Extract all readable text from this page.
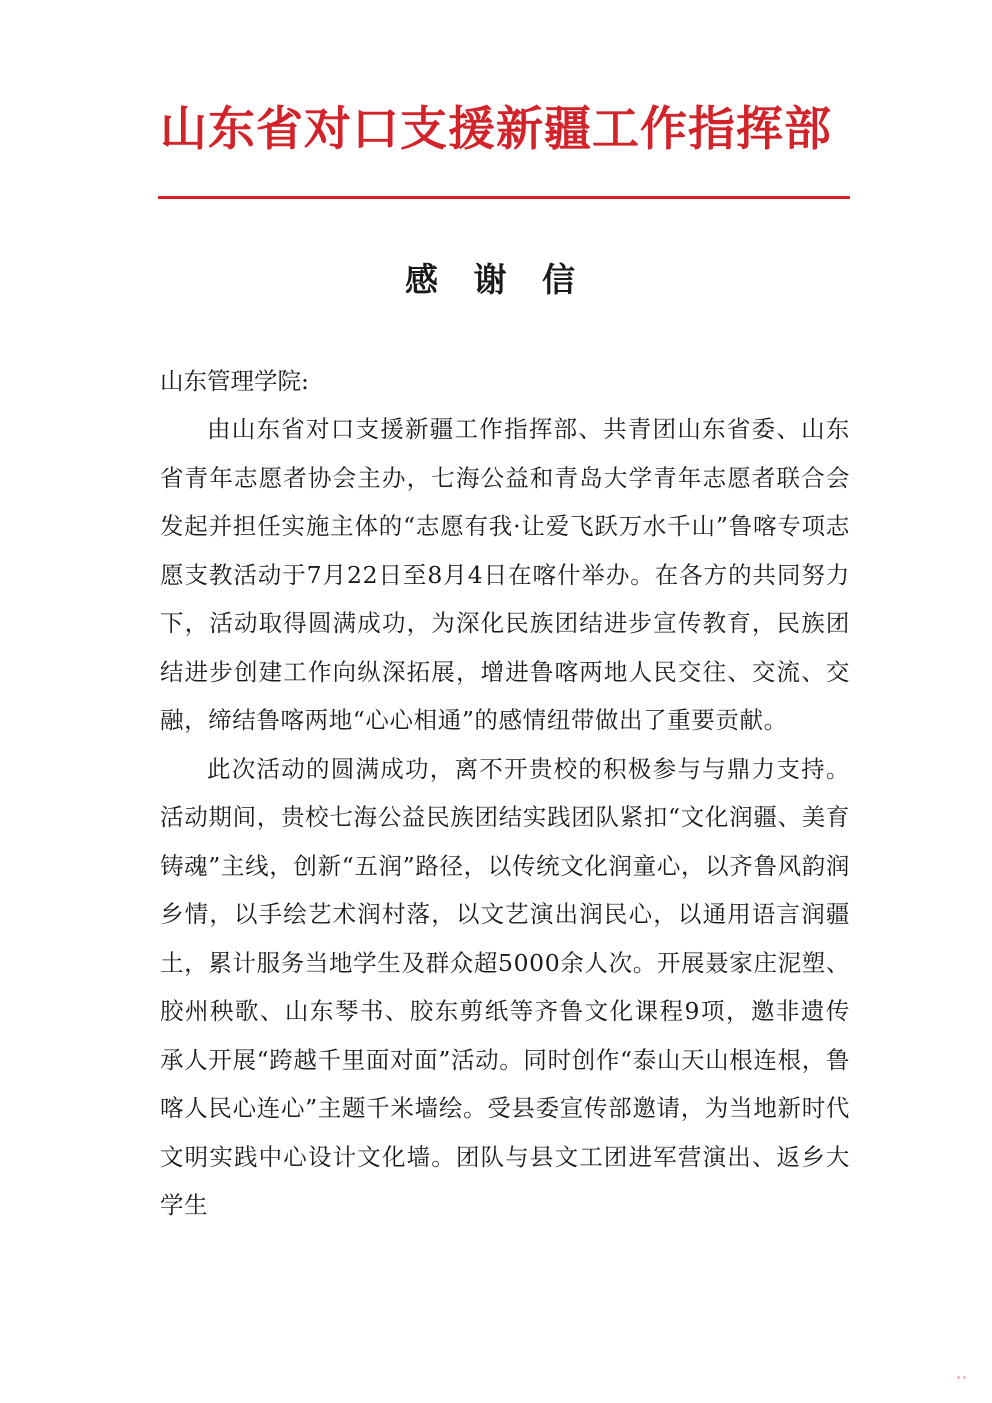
山东省对口支援新疆工作指挥部
感 谢 信
山东管理学院:

由山东省对口支援新疆工作指挥部、共青团山东省委、山东省青年志愿者协会主办，七海公益和青岛大学青年志愿者联合会发起并担任实施主体的“志愿有我·让爱飞跃万水千山”鲁喀专项志愿支教活动于7月22日至8月4日在喀什举办。在各方的共同努力下，活动取得圆满成功，为深化民族团结进步宣传教育，民族团结进步创建工作向纵深拓展，增进鲁喀两地人民交往、交流、交融，缔结鲁喀两地“心心相通”的感情纽带做出了重要贡献。

此次活动的圆满成功，离不开贵校的积极参与与鼎力支持。活动期间，贵校七海公益民族团结实践团队紧扣“文化润疆、美育铸魂”主线，创新“五润”路径，以传统文化润童心，以齐鲁风韵润乡情，以手绘艺术润村落，以文艺演出润民心，以通用语言润疆土，累计服务当地学生及群众超5000余人次。开展聂家庄泥塑、胶州秧歌、山东琴书、胶东剪纸等齐鲁文化课程9项，邀非遗传承人开展“跨越千里面对面”活动。同时创作“泰山天山根连根，鲁喀人民心连心”主题千米墙绘。受县委宣传部邀请，为当地新时代文明实践中心设计文化墙。团队与县文工团进军营演出、返乡大学生
